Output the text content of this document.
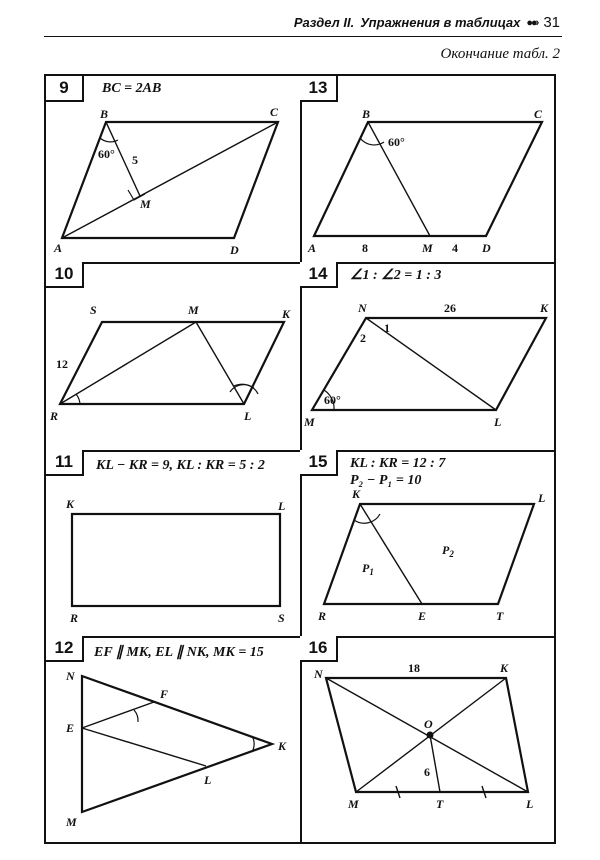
Раздел II. Упражнения в таблицах ●●› 31
Окончание табл. 2
9	BC = 2AB
A
B	C
D
M
60° 5
13
A
B	C
D
M
60°
8	4
10
S	M	K
R	L
12
14	∠1 : ∠2 = 1 : 3
N	K
M	L
60°
26
1
2
11	KL − KR = 9, KL : KR = 5 : 2
K	L
R	S
15	KL : KR = 12 : 7
P₂ − P₁ = 10
K	L
R	E	T
$P_1$
$P_2$
12	EF ∥ MK, EL ∥ NK, MK = 15
N
E
M
F
K
L
16
N	K
M	T	L
O
18
6
